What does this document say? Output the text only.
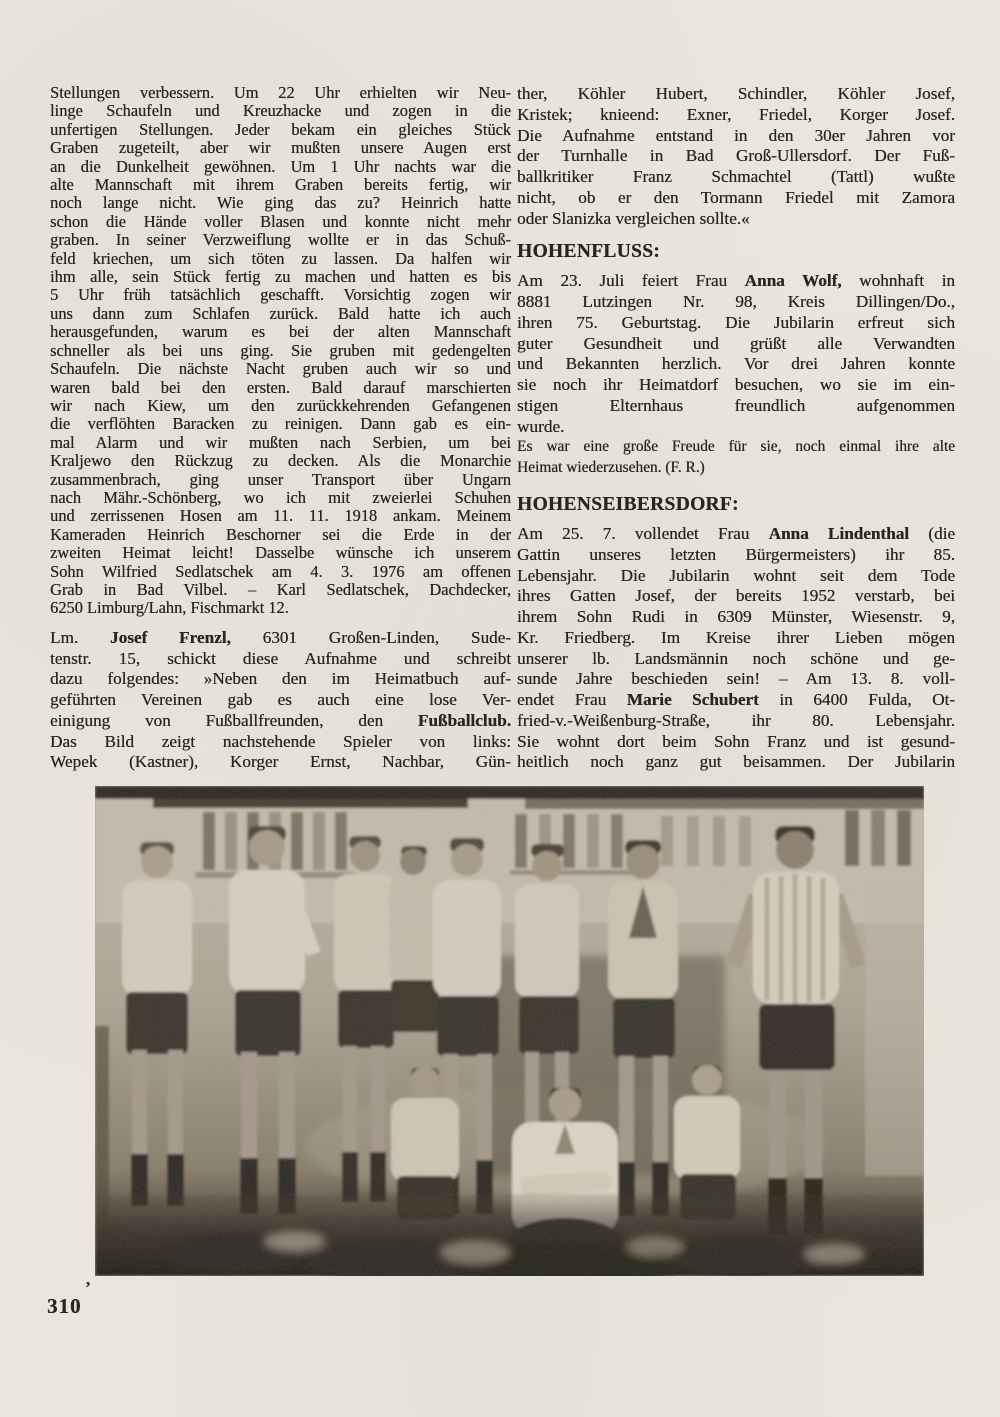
Stellungen verbessern. Um 22 Uhr erhielten wir Neu-
linge Schaufeln und Kreuzhacke und zogen in die
unfertigen Stellungen. Jeder bekam ein gleiches Stück
Graben zugeteilt, aber wir mußten unsere Augen erst
an die Dunkelheit gewöhnen. Um 1 Uhr nachts war die
alte Mannschaft mit ihrem Graben bereits fertig, wir
noch lange nicht. Wie ging das zu? Heinrich hatte
schon die Hände voller Blasen und konnte nicht mehr
graben. In seiner Verzweiflung wollte er in das Schuß-
feld kriechen, um sich töten zu lassen. Da halfen wir
ihm alle, sein Stück fertig zu machen und hatten es bis
5 Uhr früh tatsächlich geschafft. Vorsichtig zogen wir
uns dann zum Schlafen zurück. Bald hatte ich auch
herausgefunden, warum es bei der alten Mannschaft
schneller als bei uns ging. Sie gruben mit gedengelten
Schaufeln. Die nächste Nacht gruben auch wir so und
waren bald bei den ersten. Bald darauf marschierten
wir nach Kiew, um den zurückkehrenden Gefangenen
die verflöhten Baracken zu reinigen. Dann gab es ein-
mal Alarm und wir mußten nach Serbien, um bei
Kraljewo den Rückzug zu decken. Als die Monarchie
zusammenbrach, ging unser Transport über Ungarn
nach Mähr.-Schönberg, wo ich mit zweierlei Schuhen
und zerrissenen Hosen am 11. 11. 1918 ankam. Meinem
Kameraden Heinrich Beschorner sei die Erde in der
zweiten Heimat leicht! Dasselbe wünsche ich unserem
Sohn Wilfried Sedlatschek am 4. 3. 1976 am offenen
Grab in Bad Vilbel. – Karl Sedlatschek, Dachdecker,
6250 Limburg/Lahn, Fischmarkt 12.
Lm. Josef Frenzl, 6301 Großen-Linden, Sude-
tenstr. 15, schickt diese Aufnahme und schreibt
dazu folgendes: »Neben den im Heimatbuch auf-
geführten Vereinen gab es auch eine lose Ver-
einigung von Fußballfreunden, den Fußballclub.
Das Bild zeigt nachstehende Spieler von links:
Wepek (Kastner), Korger Ernst, Nachbar, Gün-
ther, Köhler Hubert, Schindler, Köhler Josef,
Kristek; knieend: Exner, Friedel, Korger Josef.
Die Aufnahme entstand in den 30er Jahren vor
der Turnhalle in Bad Groß-Ullersdorf. Der Fuß-
ballkritiker Franz Schmachtel (Tattl) wußte
nicht, ob er den Tormann Friedel mit Zamora
oder Slanizka vergleichen sollte.«
HOHENFLUSS:
Am 23. Juli feiert Frau Anna Wolf, wohnhaft in
8881 Lutzingen Nr. 98, Kreis Dillingen/Do.,
ihren 75. Geburtstag. Die Jubilarin erfreut sich
guter Gesundheit und grüßt alle Verwandten
und Bekannten herzlich. Vor drei Jahren konnte
sie noch ihr Heimatdorf besuchen, wo sie im ein-
stigen Elternhaus freundlich aufgenommen
wurde.
Es war eine große Freude für sie, noch einmal ihre alte
Heimat wiederzusehen. (F. R.)
HOHENSEIBERSDORF:
Am 25. 7. vollendet Frau Anna Lindenthal (die
Gattin unseres letzten Bürgermeisters) ihr 85.
Lebensjahr. Die Jubilarin wohnt seit dem Tode
ihres Gatten Josef, der bereits 1952 verstarb, bei
ihrem Sohn Rudi in 6309 Münster, Wiesenstr. 9,
Kr. Friedberg. Im Kreise ihrer Lieben mögen
unserer lb. Landsmännin noch schöne und ge-
sunde Jahre beschieden sein! – Am 13. 8. voll-
endet Frau Marie Schubert in 6400 Fulda, Ot-
fried-v.-Weißenburg-Straße, ihr 80. Lebensjahr.
Sie wohnt dort beim Sohn Franz und ist gesund-
heitlich noch ganz gut beisammen. Der Jubilarin
’
310
